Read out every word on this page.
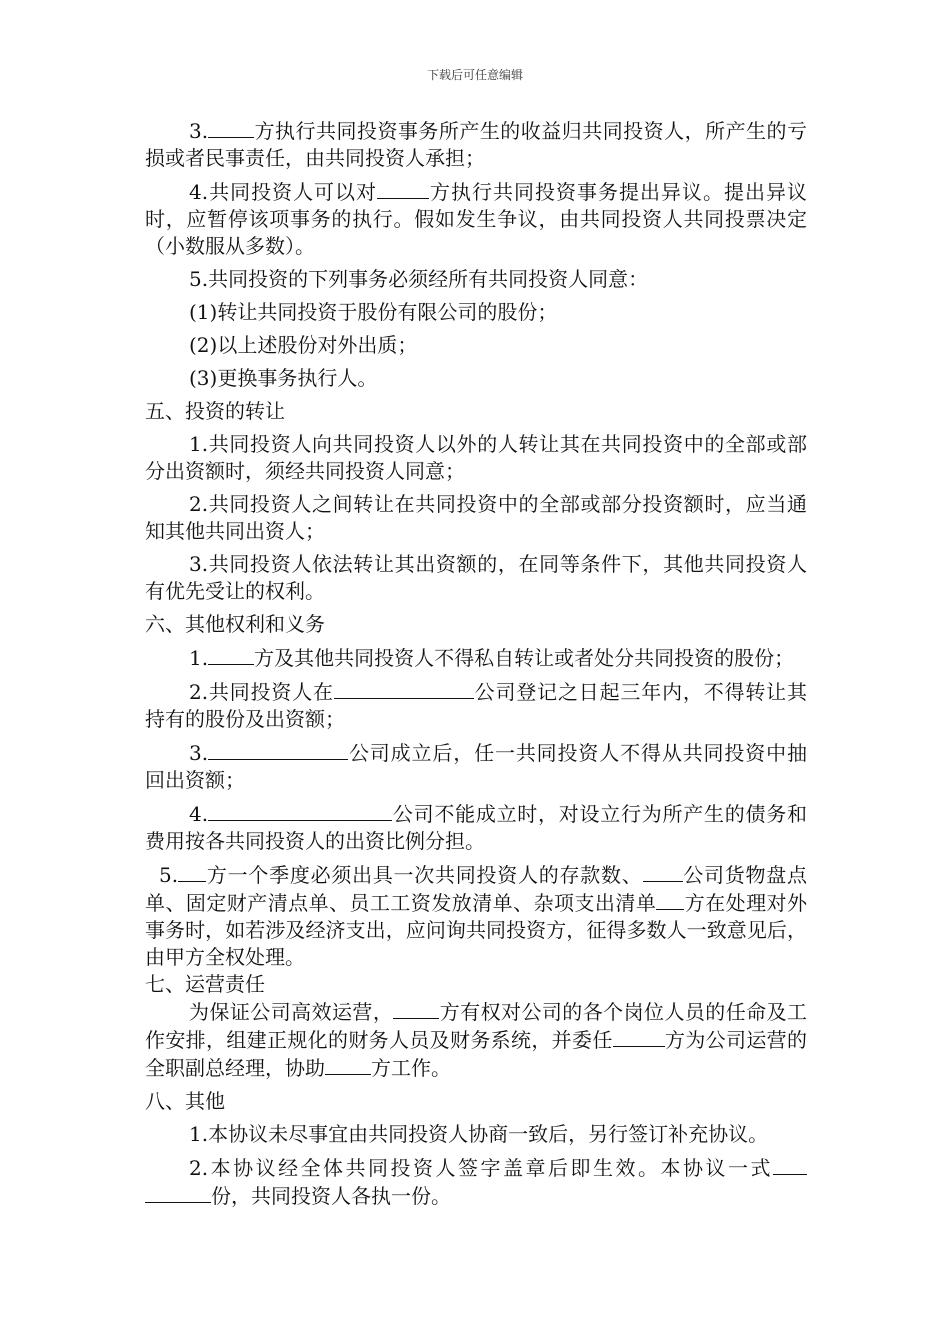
下载后可任意编辑

3. 方执行共同投资事务所产生的收益归共同投资人，所产生的亏损或者民事责任，由共同投资人承担；

4.共同投资人可以对	方执行共同投资事务提出异议。提出异议时，应暂停该项事务的执行。假如发生争议，由共同投资人共同投票决定（小数服从多数）。

5.共同投资的下列事务必须经所有共同投资人同意：

(1)转让共同投资于股份有限公司的股份；

(2)以上述股份对外出质；

(3)更换事务执行人。

五、投资的转让

1.共同投资人向共同投资人以外的人转让其在共同投资中的全部或部分出资额时，须经共同投资人同意；

2.共同投资人之间转让在共同投资中的全部或部分投资额时，应当通知其他共同出资人；

3.共同投资人依法转让其出资额的，在同等条件下，其他共同投资人有优先受让的权利。

六、其他权利和义务

1. 方及其他共同投资人不得私自转让或者处分共同投资的股份；

2.共同投资人在	公司登记之日起三年内，不得转让其持有的股份及出资额；

3.	公司成立后，任一共同投资人不得从共同投资中抽回出资额；

4.	公司不能成立时，对设立行为所产生的债务和费用按各共同投资人的出资比例分担。

5. 方一个季度必须出具一次共同投资人的存款数、 公司货物盘点单、固定财产清点单、员工工资发放清单、杂项支出清单 方在处理对外事务时，如若涉及经济支出，应问询共同投资方，征得多数人一致意见后，由甲方全权处理。

七、运营责任

为保证公司高效运营， 方有权对公司的各个岗位人员的任命及工作安排，组建正规化的财务人员及财务系统，并委任	方为公司运营的全职副总经理，协助 方工作。

八、其他

1.本协议未尽事宜由共同投资人协商一致后，另行签订补充协议。

2.本协议经全体共同投资人签字盖章后即生效。本协议一式份，共同投资人各执一份。
